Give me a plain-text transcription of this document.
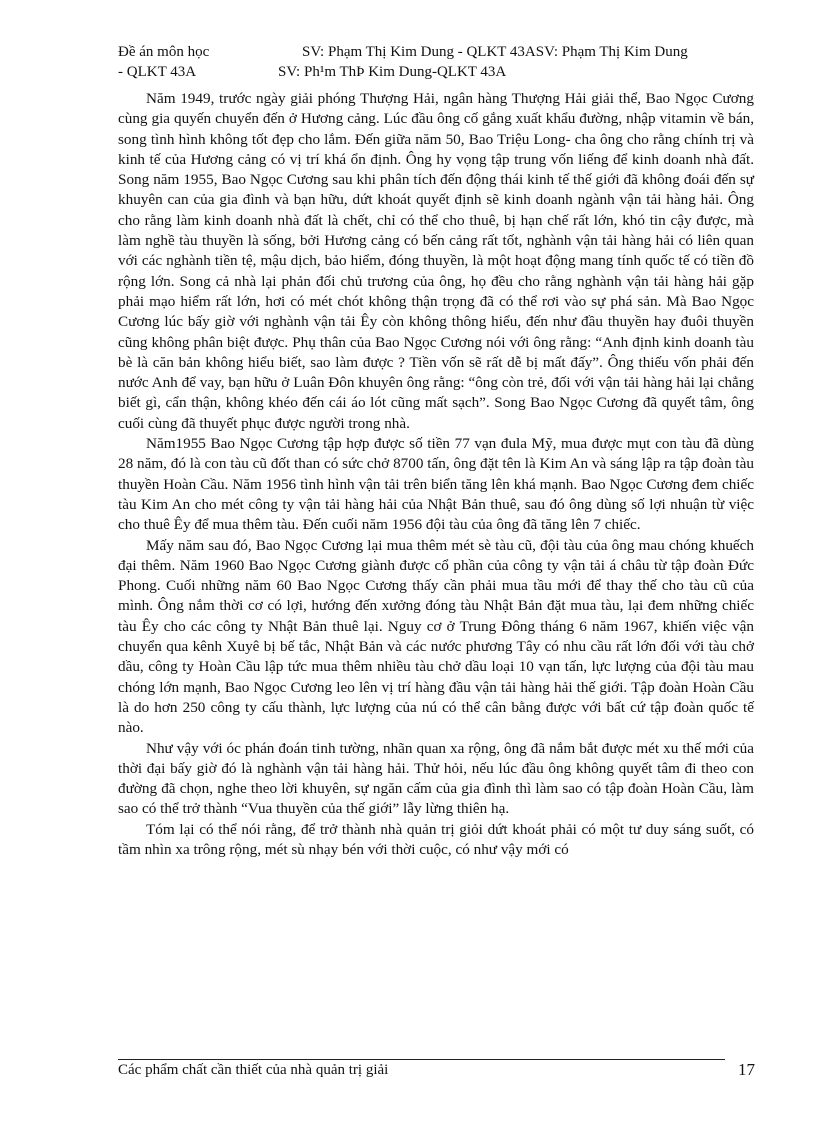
Đề án môn học	SV: Phạm Thị Kim Dung - QLKT 43ASV: Phạm Thị Kim Dung
- QLKT 43A	SV: Ph¹m ThÞ Kim Dung-QLKT 43A

Năm 1949, trước ngày giải phóng Thượng Hải, ngân hàng Thượng Hải giải thể, Bao Ngọc Cương cùng gia quyến chuyển đến ở Hương cảng. Lúc đầu ông cố gắng xuất khẩu đường, nhập vitamin về bán, song tình hình không tốt đẹp cho lắm. Đến giữa năm 50, Bao Triệu Long- cha ông cho rằng chính trị và kinh tế của Hương cảng có vị trí khá ổn định. Ông hy vọng tập trung vốn liếng để kinh doanh nhà đất. Song năm 1955, Bao Ngọc Cương sau khi phân tích đến động thái kinh tế thế giới đã không đoái đến sự khuyên can của gia đình và bạn hữu, dứt khoát quyết định sẽ kinh doanh ngành vận tải hàng hải. Ông cho rằng làm kinh doanh nhà đất là chết, chỉ có thể cho thuê, bị hạn chế rất lớn, khó tin cậy được, mà làm nghề tàu thuyền là sống, bởi Hương cảng có bến cảng rất tốt, nghành vận tải hàng hải có liên quan với các nghành tiền tệ, mậu dịch, bảo hiểm, đóng thuyền, là một hoạt động mang tính quốc tế có tiền đồ rộng lớn. Song cả nhà lại phản đối chủ trương của ông, họ đều cho rằng nghành vận tải hàng hải gặp phải mạo hiểm rất lớn, hơi có mét chót không thận trọng đã có thể rơi vào sự phá sản. Mà Bao Ngọc Cương lúc bấy giờ với nghành vận tải Êy còn không thông hiểu, đến như đầu thuyền hay đuôi thuyền cũng không phân biệt được. Phụ thân của Bao Ngọc Cương nói với ông rằng: “Anh định kinh doanh tàu bè là căn bản không hiểu biết, sao làm được ? Tiền vốn sẽ rất dễ bị mất đấy”. Ông thiếu vốn phải đến nước Anh để vay, bạn hữu ở Luân Đôn khuyên ông rằng: “ông còn trẻ, đối với vận tải hàng hải lại chẳng biết gì, cẩn thận, không khéo đến cái áo lót cũng mất sạch”. Song Bao Ngọc Cương đã quyết tâm, ông cuối cùng đã thuyết phục được người trong nhà.

Năm1955 Bao Ngọc Cương tập hợp được số tiền 77 vạn đula Mỹ, mua được mụt con tàu đã dùng 28 năm, đó là con tàu cũ đốt than có sức chở 8700 tấn, ông đặt tên là Kim An và sáng lập ra tập đoàn tàu thuyền Hoàn Cầu. Năm 1956 tình hình vận tải trên biển tăng lên khá mạnh. Bao Ngọc Cương đem chiếc tàu Kim An cho mét công ty vận tải hàng hải của Nhật Bản thuê, sau đó ông dùng số lợi nhuận từ việc cho thuê Êy để mua thêm tàu. Đến cuối năm 1956 đội tàu của ông đã tăng lên 7 chiếc.

Mấy năm sau đó, Bao Ngọc Cương lại mua thêm mét sè tàu cũ, đội tàu của ông mau chóng khuếch đại thêm. Năm 1960 Bao Ngọc Cương giành được cổ phần của công ty vận tải á châu từ tập đoàn Đức Phong. Cuối những năm 60 Bao Ngọc Cương thấy cần phải mua tầu mới để thay thế cho tàu cũ của mình. Ông nắm thời cơ có lợi, hướng đến xưởng đóng tàu Nhật Bản đặt mua tàu, lại đem những chiếc tàu Êy cho các công ty Nhật Bản thuê lại. Nguy cơ ở Trung Đông tháng 6 năm 1967, khiến việc vận chuyển qua kênh Xuyê bị bế tắc, Nhật Bản và các nước phương Tây có nhu cầu rất lớn đối với tàu chở dầu, công ty Hoàn Cầu lập tức mua thêm nhiều tàu chở dầu loại 10 vạn tấn, lực lượng của đội tàu mau chóng lớn mạnh, Bao Ngọc Cương leo lên vị trí hàng đầu vận tải hàng hải thế giới. Tập đoàn Hoàn Cầu là do hơn 250 công ty cấu thành, lực lượng của nú có thể cân bằng được với bất cứ tập đoàn quốc tế nào.

Như vậy với óc phán đoán tinh tường, nhãn quan xa rộng, ông đã nắm bắt được mét xu thế mới của thời đại bấy giờ đó là nghành vận tải hàng hải. Thử hỏi, nếu lúc đầu ông không quyết tâm đi theo con đường đã chọn, nghe theo lời khuyên, sự ngăn cấm của gia đình thì làm sao có tập đoàn Hoàn Cầu, làm sao có thể trở thành “Vua thuyền của thế giới” lẫy lừng thiên hạ.

Tóm lại có thể nói rằng, để trở thành nhà quản trị giỏi dứt khoát phải có một tư duy sáng suốt, có tầm nhìn xa trông rộng, mét sù nhạy bén với thời cuộc, có như vậy mới có

Các phẩm chất cần thiết của nhà quản trị giải	17
